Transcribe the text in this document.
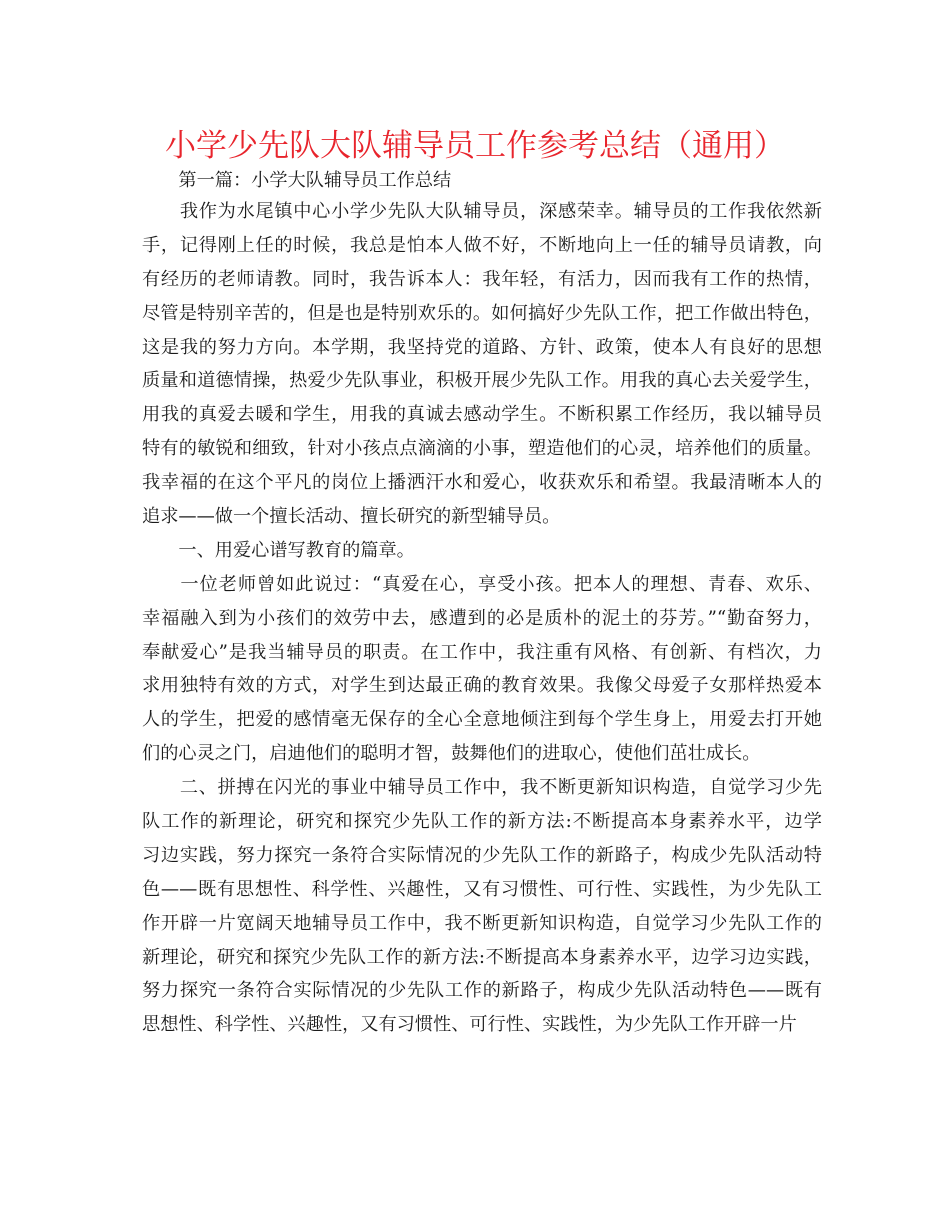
小学少先队大队辅导员工作参考总结（通用）
　　第一篇：小学大队辅导员工作总结
　　我作为水尾镇中心小学少先队大队辅导员，深感荣幸。辅导员的工作我依然新
手，记得刚上任的时候，我总是怕本人做不好，不断地向上一任的辅导员请教，向
有经历的老师请教。同时，我告诉本人：我年轻，有活力，因而我有工作的热情，
尽管是特别辛苦的，但是也是特别欢乐的。如何搞好少先队工作，把工作做出特色，
这是我的努力方向。本学期，我坚持党的道路、方针、政策，使本人有良好的思想
质量和道德情操，热爱少先队事业，积极开展少先队工作。用我的真心去关爱学生，
用我的真爱去暖和学生，用我的真诚去感动学生。不断积累工作经历，我以辅导员
特有的敏锐和细致，针对小孩点点滴滴的小事，塑造他们的心灵，培养他们的质量。
我幸福的在这个平凡的岗位上播洒汗水和爱心，收获欢乐和希望。我最清晰本人的
追求——做一个擅长活动、擅长研究的新型辅导员。
　　一、用爱心谱写教育的篇章。
　　一位老师曾如此说过：“真爱在心，享受小孩。把本人的理想、青春、欢乐、
幸福融入到为小孩们的效劳中去，感遭到的必是质朴的泥土的芬芳。”“勤奋努力，
奉献爱心”是我当辅导员的职责。在工作中，我注重有风格、有创新、有档次，力
求用独特有效的方式，对学生到达最正确的教育效果。我像父母爱子女那样热爱本
人的学生，把爱的感情毫无保存的全心全意地倾注到每个学生身上，用爱去打开她
们的心灵之门，启迪他们的聪明才智，鼓舞他们的进取心，使他们茁壮成长。
　　二、拼搏在闪光的事业中辅导员工作中，我不断更新知识构造，自觉学习少先
队工作的新理论，研究和探究少先队工作的新方法:不断提高本身素养水平，边学
习边实践，努力探究一条符合实际情况的少先队工作的新路子，构成少先队活动特
色——既有思想性、科学性、兴趣性，又有习惯性、可行性、实践性，为少先队工
作开辟一片宽阔天地辅导员工作中，我不断更新知识构造，自觉学习少先队工作的
新理论，研究和探究少先队工作的新方法:不断提高本身素养水平，边学习边实践，
努力探究一条符合实际情况的少先队工作的新路子，构成少先队活动特色——既有
思想性、科学性、兴趣性，又有习惯性、可行性、实践性，为少先队工作开辟一片
